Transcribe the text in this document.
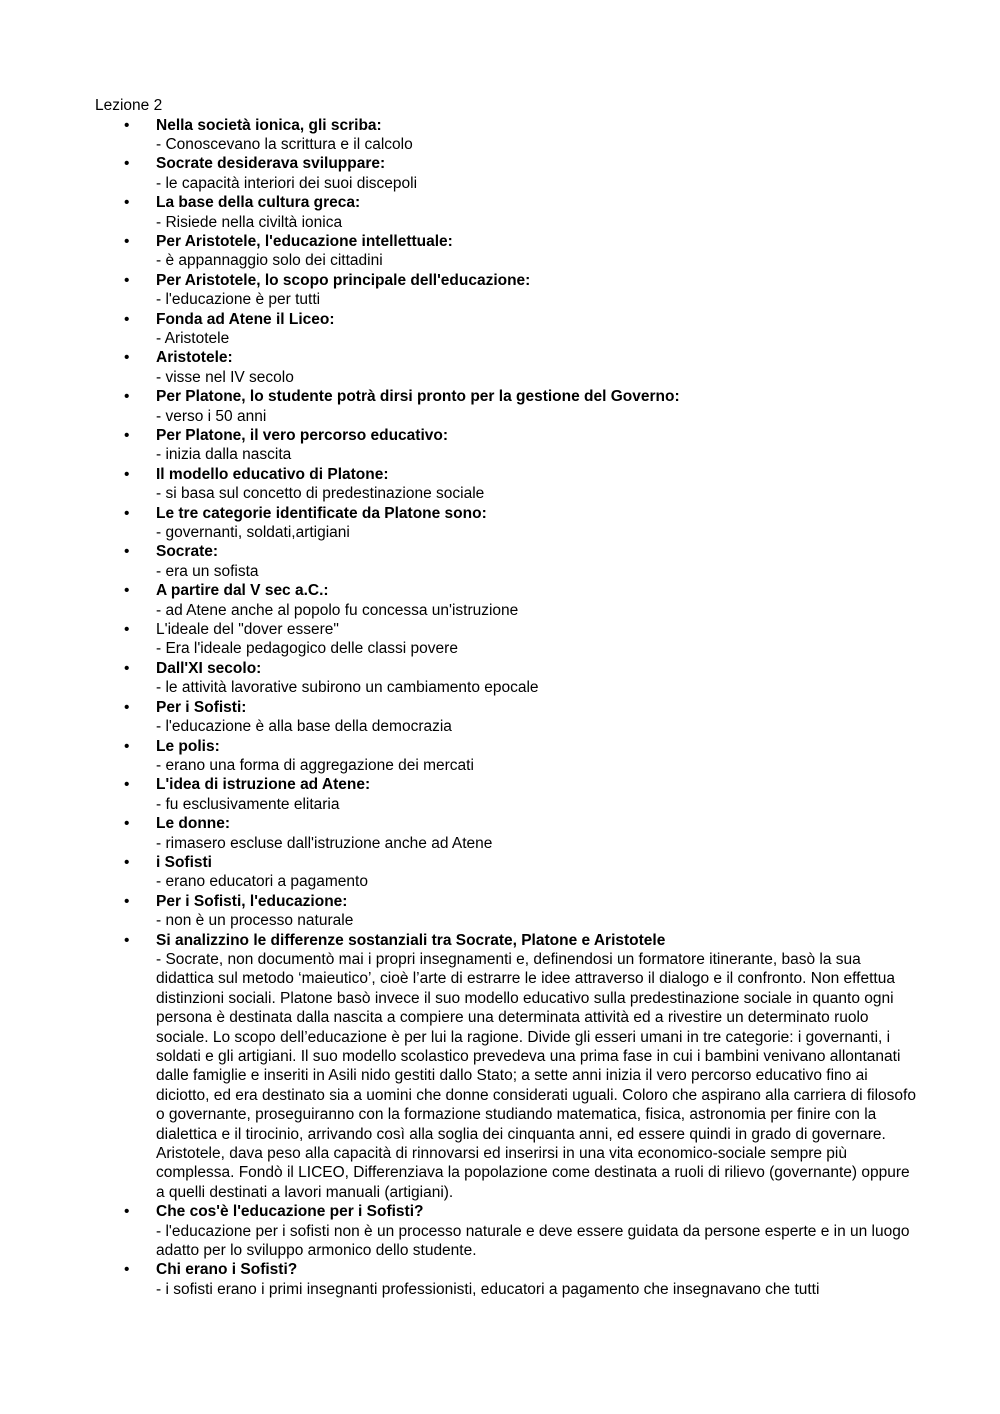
Lezione 2
• Nella società ionica, gli scriba:
- Conoscevano la scrittura e il calcolo
• Socrate desiderava sviluppare:
- le capacità interiori dei suoi discepoli
• La base della cultura greca:
- Risiede nella civiltà ionica
• Per Aristotele, l'educazione intellettuale:
- è appannaggio solo dei cittadini
• Per Aristotele, lo scopo principale dell'educazione:
- l'educazione è per tutti
• Fonda ad Atene il Liceo:
- Aristotele
• Aristotele:
- visse nel IV secolo
• Per Platone, lo studente potrà dirsi pronto per la gestione del Governo:
- verso i 50 anni
• Per Platone, il vero percorso educativo:
- inizia dalla nascita
• Il modello educativo di Platone:
- si basa sul concetto di predestinazione sociale
• Le tre categorie identificate da Platone sono:
- governanti, soldati,artigiani
• Socrate:
- era un sofista
• A partire dal V sec a.C.:
- ad Atene anche al popolo fu concessa un'istruzione
• L'ideale del "dover essere"
- Era l'ideale pedagogico delle classi povere
• Dall'XI secolo:
- le attività lavorative subirono un cambiamento epocale
• Per i Sofisti:
- l'educazione è alla base della democrazia
• Le polis:
- erano una forma di aggregazione dei mercati
• L'idea di istruzione ad Atene:
- fu esclusivamente elitaria
• Le donne:
- rimasero escluse dall'istruzione anche ad Atene
• i Sofisti
- erano educatori a pagamento
• Per i Sofisti, l'educazione:
- non è un processo naturale
• Si analizzino le differenze sostanziali tra Socrate, Platone e Aristotele
- Socrate, non documentò mai i propri insegnamenti e, definendosi un formatore itinerante, basò la sua didattica sul metodo ‘maieutico’, cioè l’arte di estrarre le idee attraverso il dialogo e il confronto. Non effettua distinzioni sociali. Platone basò invece il suo modello educativo sulla predestinazione sociale in quanto ogni persona è destinata dalla nascita a compiere una determinata attività ed a rivestire un determinato ruolo sociale. Lo scopo dell’educazione è per lui la ragione. Divide gli esseri umani in tre categorie: i governanti, i soldati e gli artigiani. Il suo modello scolastico prevedeva una prima fase in cui i bambini venivano allontanati dalle famiglie e inseriti in Asili nido gestiti dallo Stato; a sette anni inizia il vero percorso educativo fino ai diciotto, ed era destinato sia a uomini che donne considerati uguali. Coloro che aspirano alla carriera di filosofo o governante, proseguiranno con la formazione studiando matematica, fisica, astronomia per finire con la dialettica e il tirocinio, arrivando così alla soglia dei cinquanta anni, ed essere quindi in grado di governare. Aristotele, dava peso alla capacità di rinnovarsi ed inserirsi in una vita economico-sociale sempre più complessa. Fondò il LICEO, Differenziava la popolazione come destinata a ruoli di rilievo (governante) oppure a quelli destinati a lavori manuali (artigiani).
• Che cos'è l'educazione per i Sofisti?
- l'educazione per i sofisti non è un processo naturale e deve essere guidata da persone esperte e in un luogo adatto per lo sviluppo armonico dello studente.
• Chi erano i Sofisti?
- i sofisti erano i primi insegnanti professionisti, educatori a pagamento che insegnavano che tutti
